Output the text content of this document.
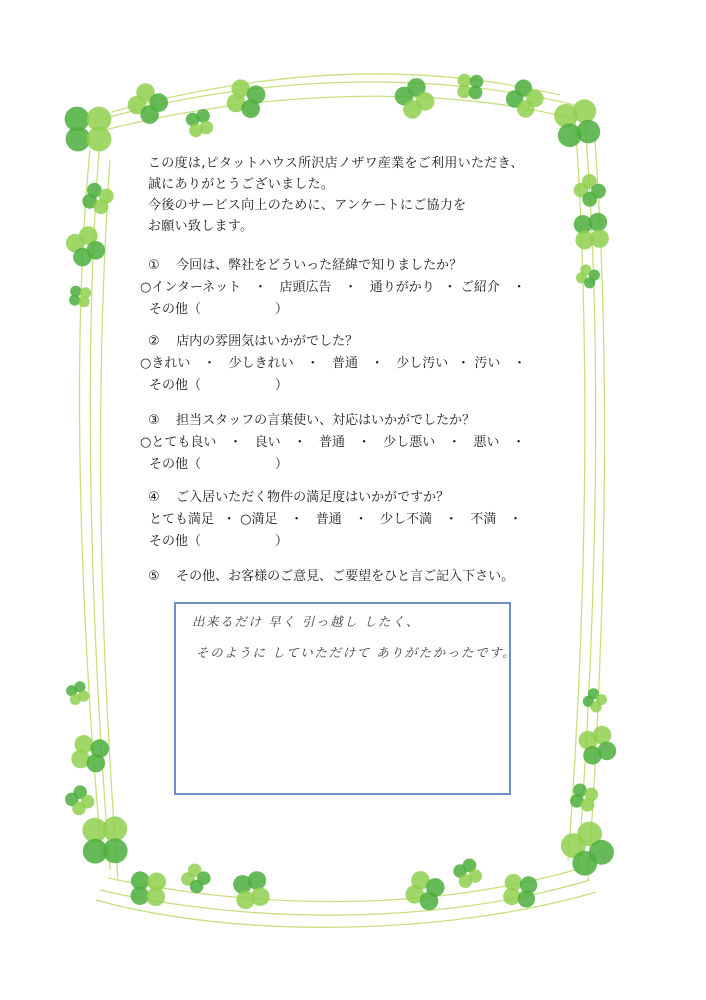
この度は,ピタットハウス所沢店ノザワ産業をご利用いただき、
誠にありがとうございました。
今後のサービス向上のために、アンケートにご協力を
お願い致します。
① 今回は、弊社をどういった経緯で知りましたか？
○インターネット ・ 店頭広告 ・ 通りがかり ・ ご紹介 ・
その他（	）
② 店内の雰囲気はいかがでした？
○きれい ・ 少しきれい ・ 普通 ・ 少し汚い ・ 汚い ・
その他（	）
③ 担当スタッフの言葉使い、対応はいかがでしたか？
○とても良い ・ 良い ・ 普通 ・ 少し悪い ・ 悪い ・
その他（	）
④ ご入居いただく物件の満足度はいかがですか？
とても満足 ・ ○満足 ・ 普通 ・ 少し不満 ・ 不満 ・
その他（	）
⑤ その他、お客様のご意見、ご要望をひと言ご記入下さい。
出来るだけ 早く 引っ越し したく、
そのように していただけて ありがたかったです。
